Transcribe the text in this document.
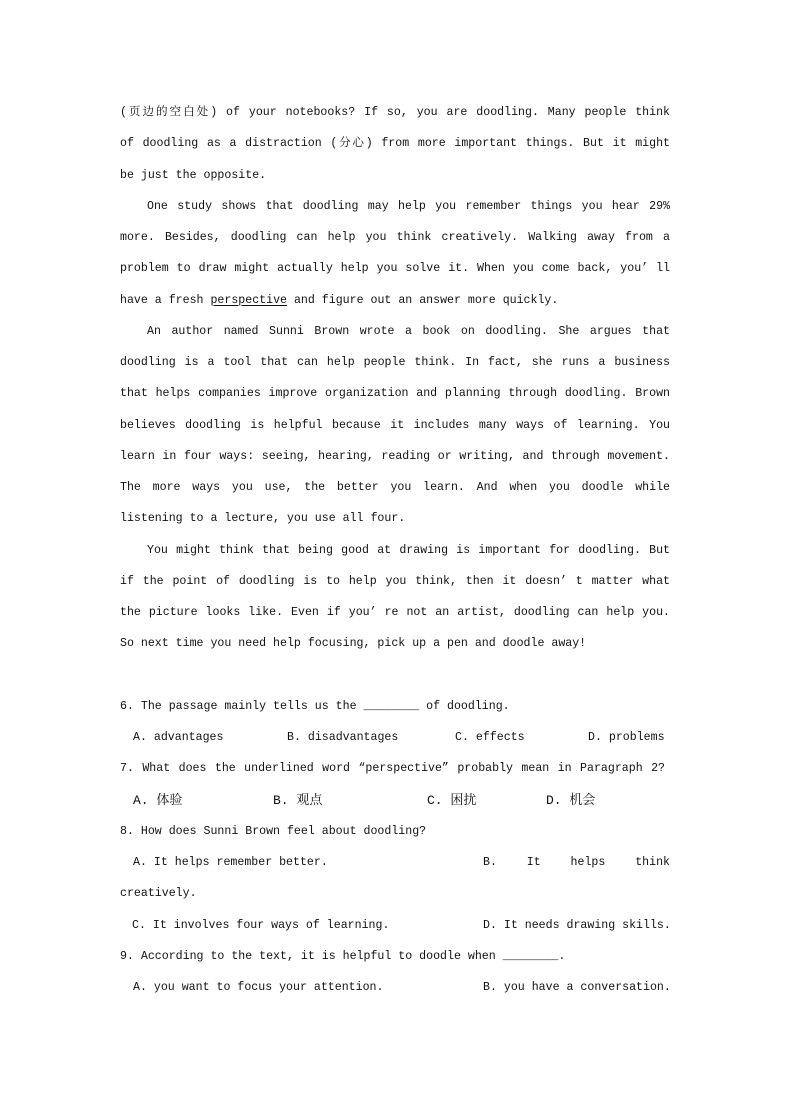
(页边的空白处) of your notebooks? If so, you are doodling. Many people think
of doodling as a distraction (分心) from more important things. But it might
be just the opposite.
One study shows that doodling may help you remember things you hear 29%
more. Besides, doodling can help you think creatively. Walking away from a
problem to draw might actually help you solve it. When you come back, you’ ll
have a fresh perspective and figure out an answer more quickly.
An author named Sunni Brown wrote a book on doodling. She argues that
doodling is a tool that can help people think. In fact, she runs a business
that helps companies improve organization and planning through doodling. Brown
believes doodling is helpful because it includes many ways of learning. You
learn in four ways: seeing, hearing, reading or writing, and through movement.
The more ways you use, the better you learn. And when you doodle while
listening to a lecture, you use all four.
You might think that being good at drawing is important for doodling. But
if the point of doodling is to help you think, then it doesn’ t matter what
the picture looks like. Even if you’ re not an artist, doodling can help you.
So next time you need help focusing, pick up a pen and doodle away!
6. The passage mainly tells us the ________ of doodling.
A. advantages	B. disadvantages	C. effects	D. problems
7. What does the underlined word “perspective” probably mean in Paragraph 2?
A. 体验	B. 观点	C. 困扰	D. 机会
8. How does Sunni Brown feel about doodling?
A. It helps remember better.	B. It helps think
creatively.
C. It involves four ways of learning.	D. It needs drawing skills.
9. According to the text, it is helpful to doodle when ________.
A. you want to focus your attention.	B. you have a conversation.
